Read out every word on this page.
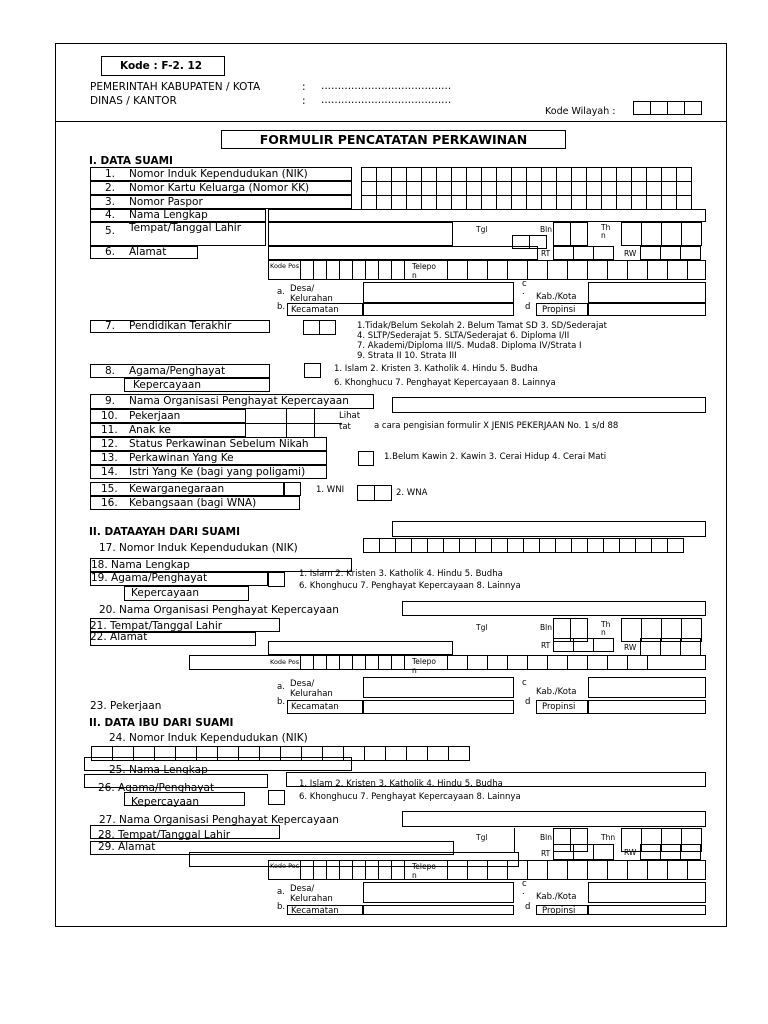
Kode : F-2. 12
PEMERINTAH KABUPATEN / KOTA	: .......................................
DINAS / KANTOR	: .......................................
Kode Wilayah :
FORMULIR PENCATATAN PERKAWINAN
I. DATA SUAMI
1. Nomor Induk Kependudukan (NIK)
2. Nomor Kartu Keluarga (Nomor KK)
3. Nomor Paspor
4. Nama Lengkap
5. Tempat/Tanggal Lahir	Tgl	Bln	Th
n
6. Alamat	RT	RW
Kode Pos	Telepo
n
a. Desa/
Kelurahan
b. Kecamatan
c
. Kab./Kota
d Propinsi
7. Pendidikan Terakhir	1.Tidak/Belum Sekolah 2. Belum Tamat SD 3. SD/Sederajat
4. SLTP/Sederajat 5. SLTA/Sederajat 6. Diploma I/II
7. Akademi/Diploma III/S. Muda8. Diploma IV/Strata I
9. Strata II 10. Strata III
8. Agama/Penghayat
Kepercayaan
1. Islam 2. Kristen 3. Katholik 4. Hindu 5. Budha
6. Khonghucu 7. Penghayat Kepercayaan 8. Lainnya
9. Nama Organisasi Penghayat Kepercayaan
10. Pekerjaan
11. Anak ke
Lihat
tat	a cara pengisian formulir X JENIS PEKERJAAN No. 1 s/d 88
12. Status Perkawinan Sebelum Nikah
13. Perkawinan Yang Ke	1.Belum Kawin 2. Kawin 3. Cerai Hidup 4. Cerai Mati
14. Istri Yang Ke (bagi yang poligami)
15. Kewarganegaraan	1. WNI	2. WNA
16. Kebangsaan (bagi WNA)
II. DATAAYAH DARI SUAMI
17. Nomor Induk Kependudukan (NIK)
18. Nama Lengkap
19. Agama/Penghayat
Kepercayaan
1. Islam 2. Kristen 3. Katholik 4. Hindu 5. Budha
6. Khonghucu 7. Penghayat Kepercayaan 8. Lainnya
20. Nama Organisasi Penghayat Kepercayaan
21. Tempat/Tanggal Lahir
22. Alamat
Tgl	Bln	Th
n
RT	RW
Kode Pos	Telepo
n
a. Desa/
Kelurahan
b. Kecamatan
c
Kab./Kota
d Propinsi
23. Pekerjaan
II. DATA IBU DARI SUAMI
24. Nomor Induk Kependudukan (NIK)
25. Nama Lengkap
26. Agama/Penghayat
Kepercayaan
1. Islam 2. Kristen 3. Katholik 4. Hindu 5. Budha
6. Khonghucu 7. Penghayat Kepercayaan 8. Lainnya
27. Nama Organisasi Penghayat Kepercayaan
28. Tempat/Tanggal Lahir
29. Alamat
Tgl	Bln	Thn
RT	RW
Kode Pos	Telepo
n
a. Desa/
Kelurahan
b. Kecamatan
c
. Kab./Kota
d Propinsi
